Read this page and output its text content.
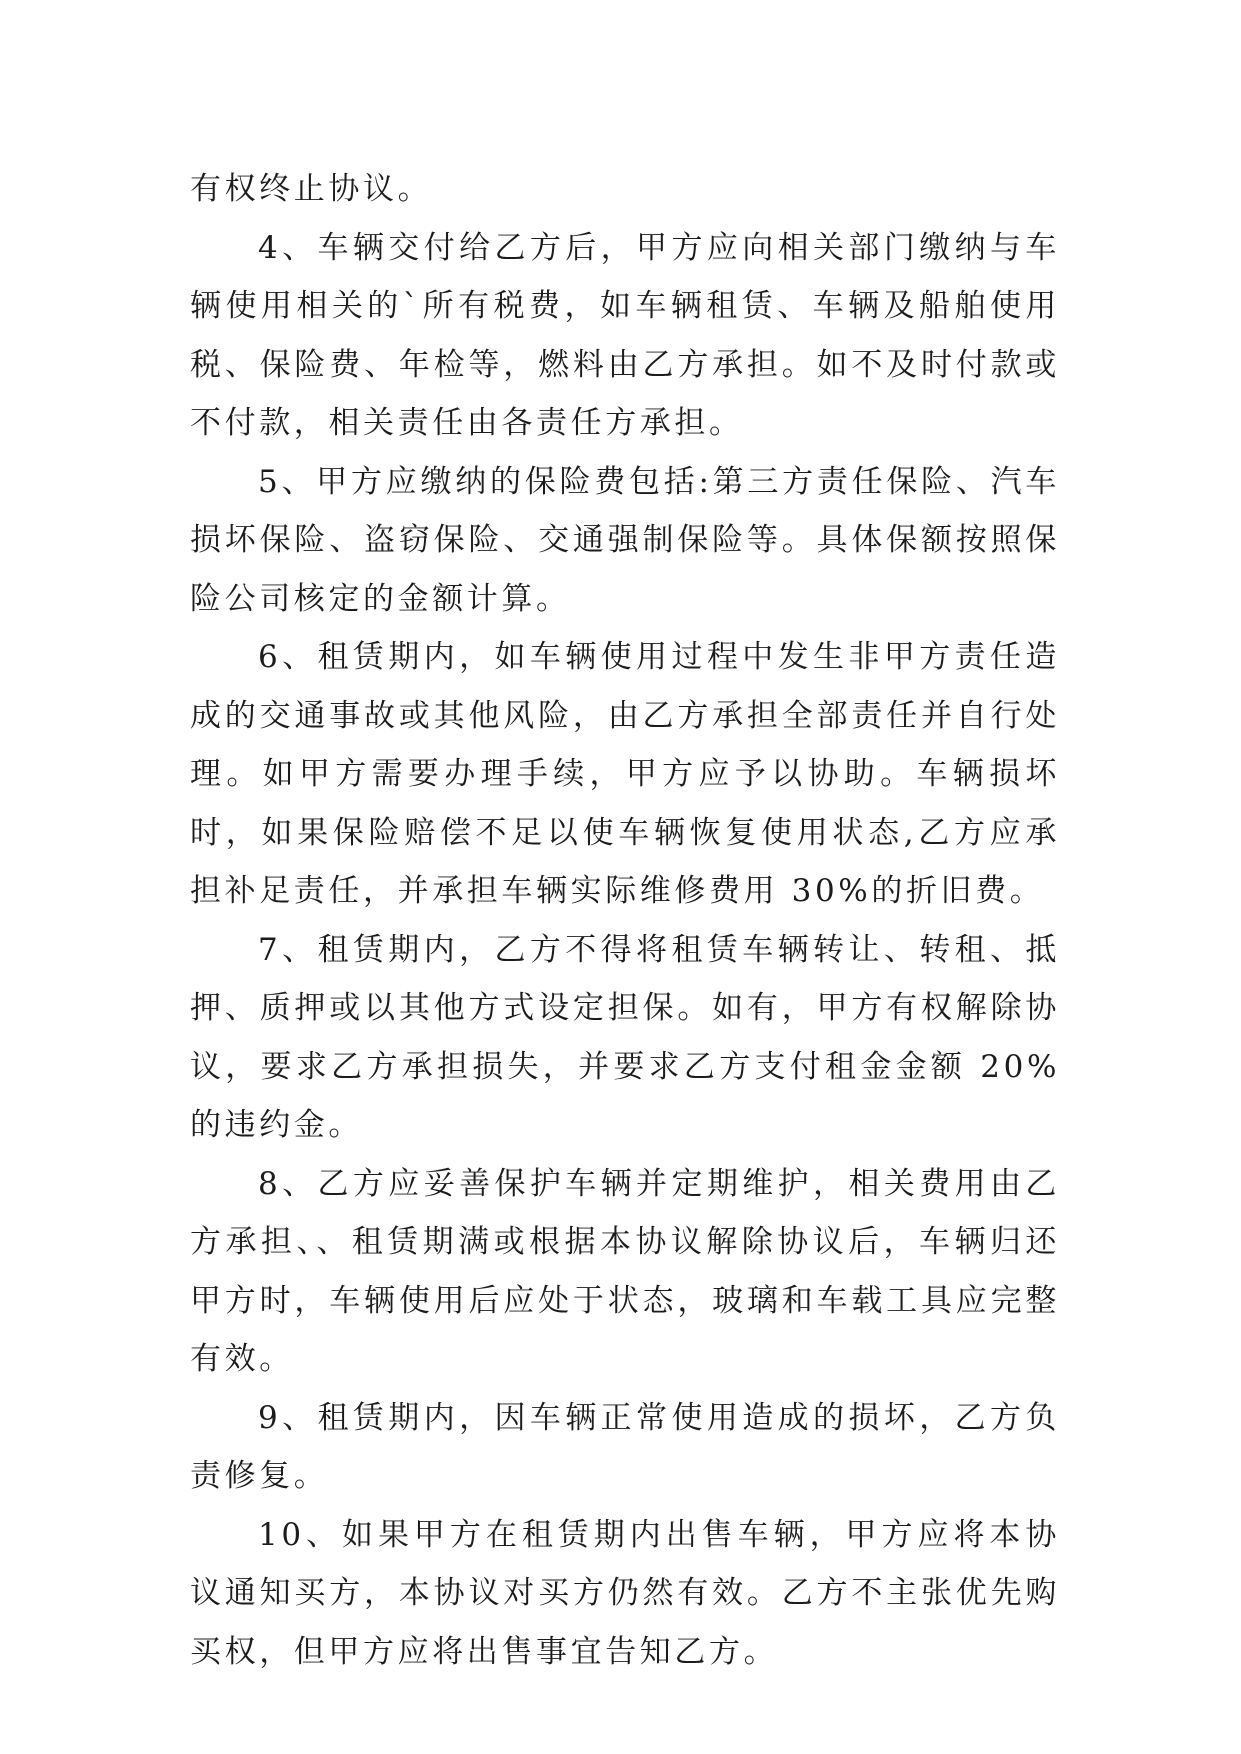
有权终止协议。

4、车辆交付给乙方后，甲方应向相关部门缴纳与车辆使用相关的`所有税费，如车辆租赁、车辆及船舶使用税、保险费、年检等，燃料由乙方承担。如不及时付款或不付款，相关责任由各责任方承担。

5、甲方应缴纳的保险费包括:第三方责任保险、汽车损坏保险、盗窃保险、交通强制保险等。具体保额按照保险公司核定的金额计算。

6、租赁期内，如车辆使用过程中发生非甲方责任造成的交通事故或其他风险，由乙方承担全部责任并自行处理。如甲方需要办理手续，甲方应予以协助。车辆损坏时，如果保险赔偿不足以使车辆恢复使用状态,乙方应承担补足责任，并承担车辆实际维修费用 30%的折旧费。

7、租赁期内，乙方不得将租赁车辆转让、转租、抵押、质押或以其他方式设定担保。如有，甲方有权解除协议，要求乙方承担损失，并要求乙方支付租金金额 20%的违约金。

8、乙方应妥善保护车辆并定期维护，相关费用由乙方承担、、租赁期满或根据本协议解除协议后，车辆归还甲方时，车辆使用后应处于状态，玻璃和车载工具应完整有效。

9、租赁期内，因车辆正常使用造成的损坏，乙方负责修复。

10、如果甲方在租赁期内出售车辆，甲方应将本协议通知买方，本协议对买方仍然有效。乙方不主张优先购买权，但甲方应将出售事宜告知乙方。
